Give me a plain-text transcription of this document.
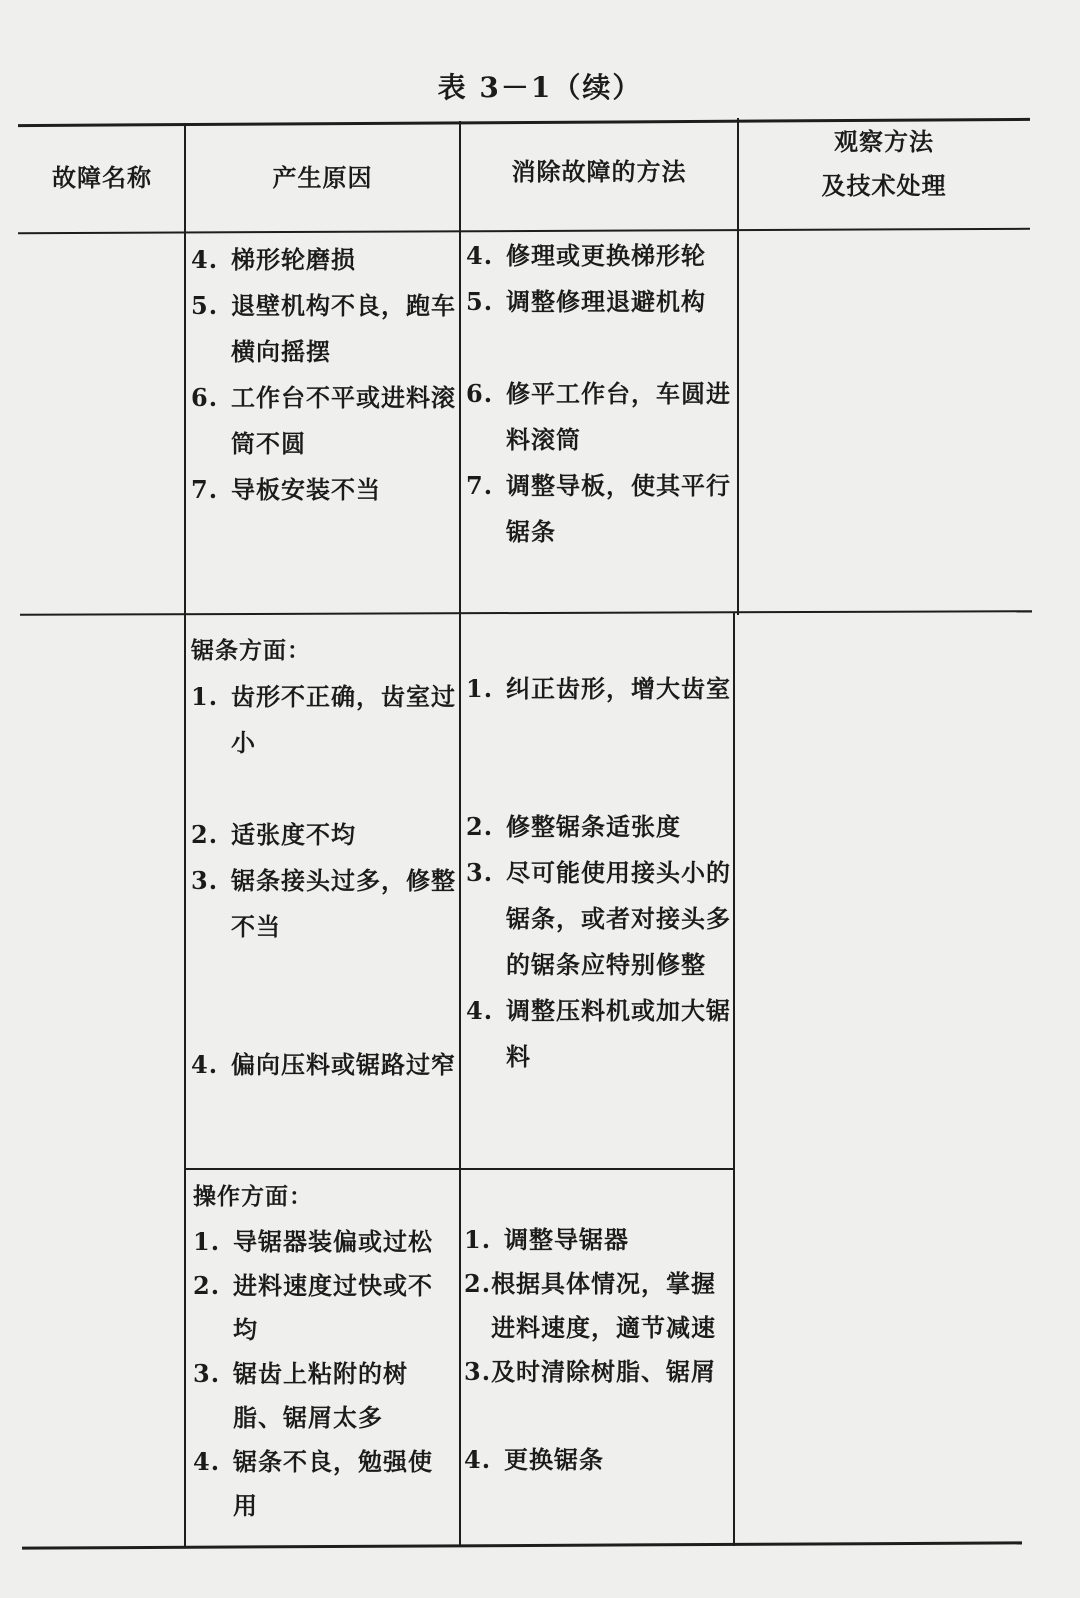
表 3－1（续）
故障名称	产生原因	消除故障的方法
观察方法
及技术处理
4. 梯形轮磨损
5. 退壁机构不良，跑车横向摇摆
6. 工作台不平或进料滚筒不圆
7. 导板安装不当
4. 修理或更换梯形轮
5. 调整修理退避机构
6. 修平工作台，车圆进料滚筒
7. 调整导板，使其平行锯条
锯条方面：
1. 齿形不正确，齿室过小
2. 适张度不均
3. 锯条接头过多，修整不当
4. 偏向压料或锯路过窄
1. 纠正齿形，增大齿室
2. 修整锯条适张度
3. 尽可能使用接头小的锯条，或者对接头多的锯条应特别修整
4. 调整压料机或加大锯料
操作方面：
1. 导锯器装偏或过松
2. 进料速度过快或不均
3. 锯齿上粘附的树脂、锯屑太多
4. 锯条不良，勉强使用
1. 调整导锯器
2. 根据具体情况，掌握进料速度，適节减速
3. 及时清除树脂、锯屑
4. 更换锯条
